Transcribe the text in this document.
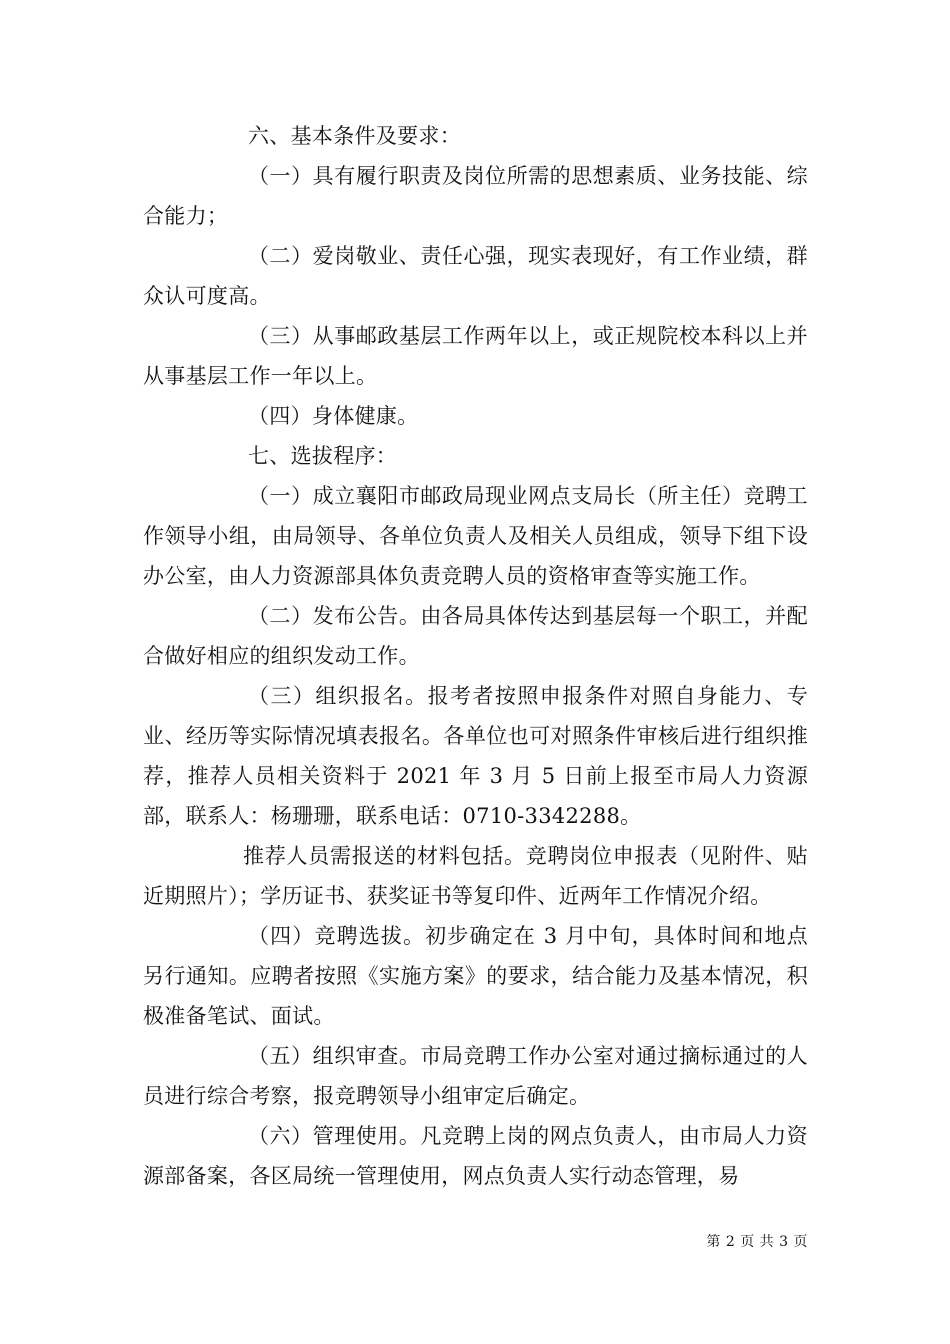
六、基本条件及要求：

（一）具有履行职责及岗位所需的思想素质、业务技能、综合能力；

（二）爱岗敬业、责任心强，现实表现好，有工作业绩，群众认可度高。

（三）从事邮政基层工作两年以上，或正规院校本科以上并从事基层工作一年以上。

（四）身体健康。

七、选拔程序：

（一）成立襄阳市邮政局现业网点支局长（所主任）竞聘工作领导小组，由局领导、各单位负责人及相关人员组成，领导下组下设办公室，由人力资源部具体负责竞聘人员的资格审查等实施工作。

（二）发布公告。由各局具体传达到基层每一个职工，并配合做好相应的组织发动工作。

（三）组织报名。报考者按照申报条件对照自身能力、专业、经历等实际情况填表报名。各单位也可对照条件审核后进行组织推荐，推荐人员相关资料于 2021 年 3 月 5 日前上报至市局人力资源部，联系人：杨珊珊，联系电话：0710-3342288。

推荐人员需报送的材料包括。竞聘岗位申报表（见附件、贴近期照片）；学历证书、获奖证书等复印件、近两年工作情况介绍。

（四）竞聘选拔。初步确定在 3 月中旬，具体时间和地点另行通知。应聘者按照《实施方案》的要求，结合能力及基本情况，积极准备笔试、面试。

（五）组织审查。市局竞聘工作办公室对通过摘标通过的人员进行综合考察，报竞聘领导小组审定后确定。

（六）管理使用。凡竞聘上岗的网点负责人，由市局人力资源部备案，各区局统一管理使用，网点负责人实行动态管理，易

第 2 页 共 3 页
